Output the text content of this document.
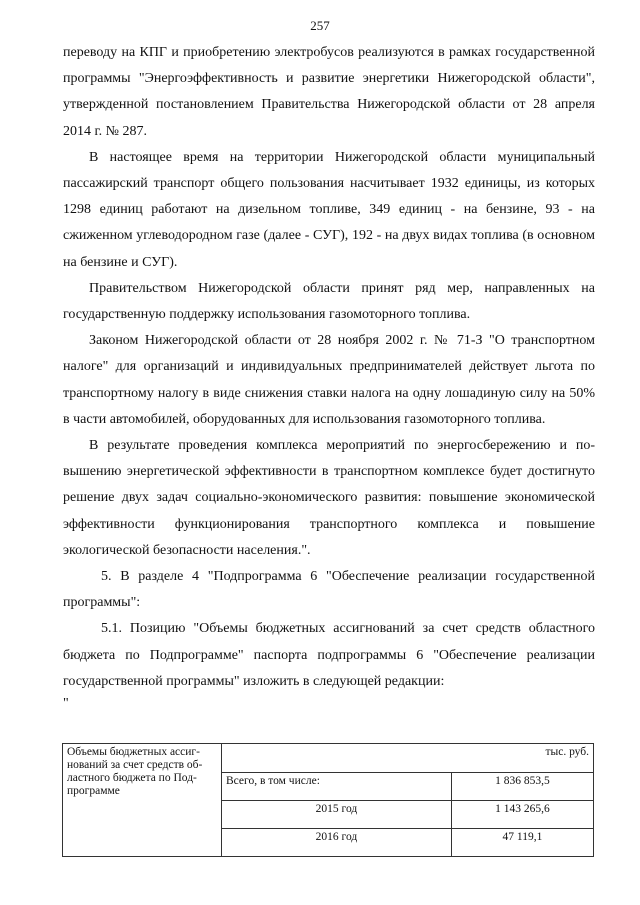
257

переводу на КПГ и приобретению электробусов реализуются в рамках государственной программы "Энергоэффективность и развитие энергетики Нижегородской области", утвержденной постановлением Правительства Нижегородской области от 28 апреля 2014 г. № 287.

В настоящее время на территории Нижегородской области муниципальный пассажирский транспорт общего пользования насчитывает 1932 единицы, из которых 1298 единиц работают на дизельном топливе, 349 единиц - на бензине, 93 - на сжиженном углеводородном газе (далее - СУГ), 192 - на двух видах топлива (в основном на бензине и СУГ).

Правительством Нижегородской области принят ряд мер, направленных на государственную поддержку использования газомоторного топлива.

Законом Нижегородской области от 28 ноября 2002 г. № 71-З "О транспортном налоге" для организаций и индивидуальных предпринимателей действует льгота по транспортному налогу в виде снижения ставки налога на одну лошадиную силу на 50% в части автомобилей, оборудованных для использования газомоторного топлива.

В результате проведения комплекса мероприятий по энергосбережению и повышению энергетической эффективности в транспортном комплексе будет достигнуто решение двух задач социально-экономического развития: повышение экономической эффективности функционирования транспортного комплекса и повышение экологической безопасности населения.".

5. В разделе 4 "Подпрограмма 6 "Обеспечение реализации государственной программы":

5.1. Позицию "Объемы бюджетных ассигнований за счет средств областного бюджета по Подпрограмме" паспорта подпрограммы 6 "Обеспечение реализации государственной программы" изложить в следующей редакции:

"
Объемы бюджетных ассигнований за счет средств областного бюджета по Подпрограмме	тыс. руб.	
	Всего, в том числе:	1 836 853,5
	2015 год	1 143 265,6
	2016 год	47 119,1
